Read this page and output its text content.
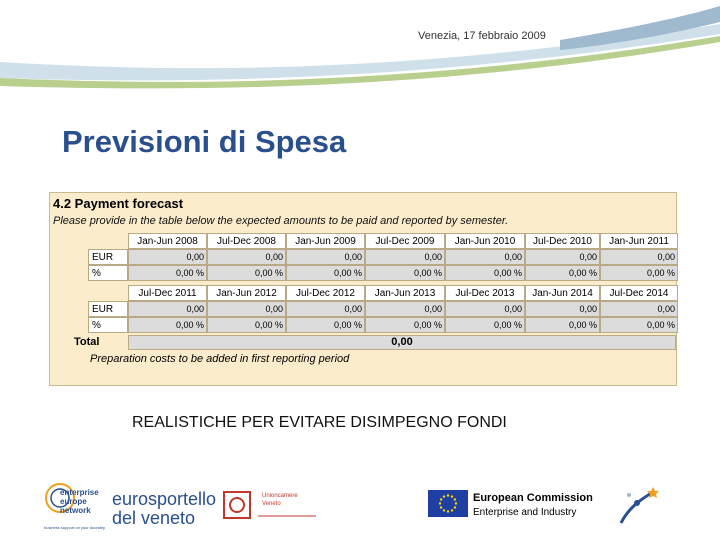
Venezia, 17 febbraio 2009
Previsioni di Spesa
4.2 Payment forecast
Please provide in the table below the expected amounts to be paid and reported by semester.
Jan-Jun 2008	Jul-Dec 2008	Jan-Jun 2009	Jul-Dec 2009	Jan-Jun 2010	Jul-Dec 2010	Jan-Jun 2011
EUR	0,00	0,00	0,00	0,00	0,00	0,00	0,00
%	0,00 %	0,00 %	0,00 %	0,00 %	0,00 %	0,00 %	0,00 %
Jul-Dec 2011	Jan-Jun 2012	Jul-Dec 2012	Jan-Jun 2013	Jul-Dec 2013	Jan-Jun 2014	Jul-Dec 2014
EUR	0,00	0,00	0,00	0,00	0,00	0,00	0,00
%	0,00 %	0,00 %	0,00 %	0,00 %	0,00 %	0,00 %	0,00 %
Total	0,00
Preparation costs to be added in first reporting period
REALISTICHE PER EVITARE DISIMPEGNO FONDI
enterprise
europe
network
business support on your doorstep
eurosportello
del veneto
Unioncamere
Veneto	European Commission
Enterprise and Industry
